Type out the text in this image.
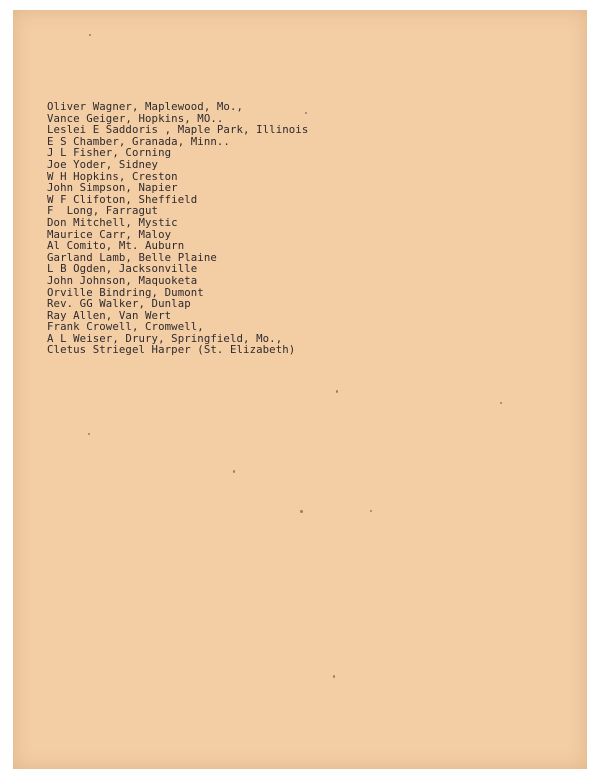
Oliver Wagner, Maplewood, Mo.,
Vance Geiger, Hopkins, MO..
Leslei E Saddoris , Maple Park, Illinois
E S Chamber, Granada, Minn..
J L Fisher, Corning
Joe Yoder, Sidney
W H Hopkins, Creston
John Simpson, Napier
W F Clifoton, Sheffield
F  Long, Farragut
Don Mitchell, Mystic
Maurice Carr, Maloy
Al Comito, Mt. Auburn
Garland Lamb, Belle Plaine
L B Ogden, Jacksonville
John Johnson, Maquoketa
Orville Bindring, Dumont
Rev. GG Walker, Dunlap
Ray Allen, Van Wert
Frank Crowell, Cromwell,
A L Weiser, Drury, Springfield, Mo.,
Cletus Striegel Harper (St. Elizabeth)
